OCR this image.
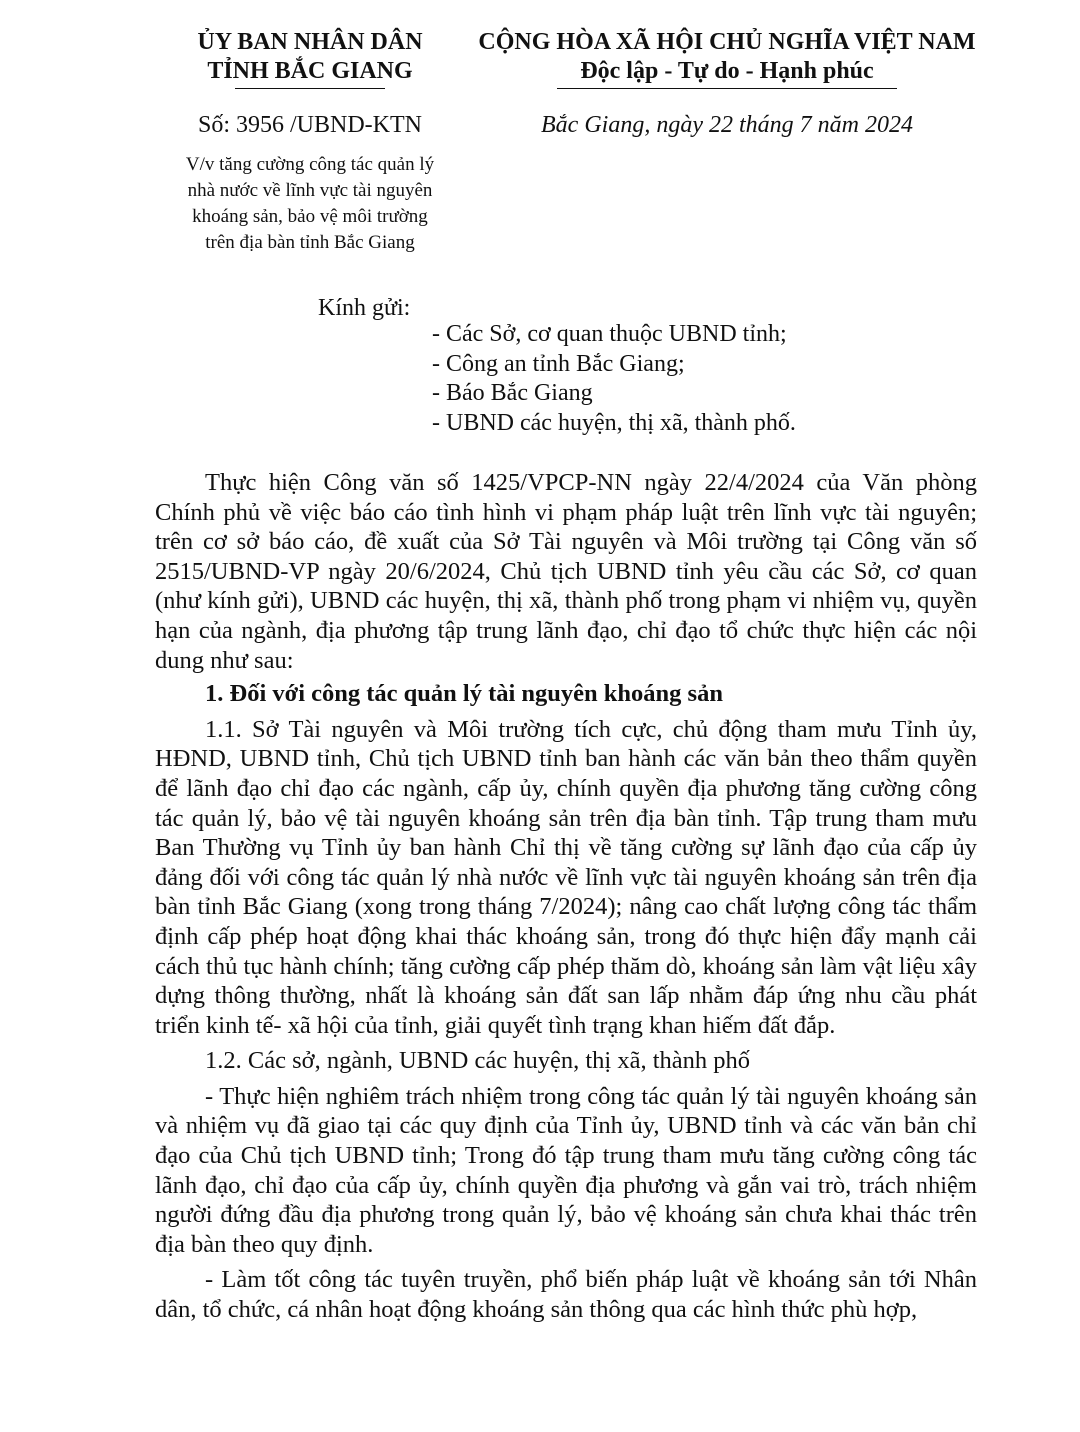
ỦY BAN NHÂN DÂN
TỈNH BẮC GIANG
CỘNG HÒA XÃ HỘI CHỦ NGHĨA VIỆT NAM
Độc lập - Tự do - Hạnh phúc
Số: 3956 /UBND-KTN	Bắc Giang, ngày 22 tháng 7 năm 2024
V/v tăng cường công tác quản lý
nhà nước về lĩnh vực tài nguyên
khoáng sản, bảo vệ môi trường
trên địa bàn tỉnh Bắc Giang
Kính gửi:
- Các Sở, cơ quan thuộc UBND tỉnh;
- Công an tỉnh Bắc Giang;
- Báo Bắc Giang
- UBND các huyện, thị xã, thành phố.

Thực hiện Công văn số 1425/VPCP-NN ngày 22/4/2024 của Văn phòng Chính phủ về việc báo cáo tình hình vi phạm pháp luật trên lĩnh vực tài nguyên; trên cơ sở báo cáo, đề xuất của Sở Tài nguyên và Môi trường tại Công văn số 2515/UBND-VP ngày 20/6/2024, Chủ tịch UBND tỉnh yêu cầu các Sở, cơ quan (như kính gửi), UBND các huyện, thị xã, thành phố trong phạm vi nhiệm vụ, quyền hạn của ngành, địa phương tập trung lãnh đạo, chỉ đạo tổ chức thực hiện các nội dung như sau:

1. Đối với công tác quản lý tài nguyên khoáng sản

1.1. Sở Tài nguyên và Môi trường tích cực, chủ động tham mưu Tỉnh ủy, HĐND, UBND tỉnh, Chủ tịch UBND tỉnh ban hành các văn bản theo thẩm quyền để lãnh đạo chỉ đạo các ngành, cấp ủy, chính quyền địa phương tăng cường công tác quản lý, bảo vệ tài nguyên khoáng sản trên địa bàn tỉnh. Tập trung tham mưu Ban Thường vụ Tỉnh ủy ban hành Chỉ thị về tăng cường sự lãnh đạo của cấp ủy đảng đối với công tác quản lý nhà nước về lĩnh vực tài nguyên khoáng sản trên địa bàn tỉnh Bắc Giang (xong trong tháng 7/2024); nâng cao chất lượng công tác thẩm định cấp phép hoạt động khai thác khoáng sản, trong đó thực hiện đẩy mạnh cải cách thủ tục hành chính; tăng cường cấp phép thăm dò, khoáng sản làm vật liệu xây dựng thông thường, nhất là khoáng sản đất san lấp nhằm đáp ứng nhu cầu phát triển kinh tế- xã hội của tỉnh, giải quyết tình trạng khan hiếm đất đắp.

1.2. Các sở, ngành, UBND các huyện, thị xã, thành phố

- Thực hiện nghiêm trách nhiệm trong công tác quản lý tài nguyên khoáng sản và nhiệm vụ đã giao tại các quy định của Tỉnh ủy, UBND tỉnh và các văn bản chỉ đạo của Chủ tịch UBND tỉnh; Trong đó tập trung tham mưu tăng cường công tác lãnh đạo, chỉ đạo của cấp ủy, chính quyền địa phương và gắn vai trò, trách nhiệm người đứng đầu địa phương trong quản lý, bảo vệ khoáng sản chưa khai thác trên địa bàn theo quy định.

- Làm tốt công tác tuyên truyền, phổ biến pháp luật về khoáng sản tới Nhân dân, tổ chức, cá nhân hoạt động khoáng sản thông qua các hình thức phù hợp,
